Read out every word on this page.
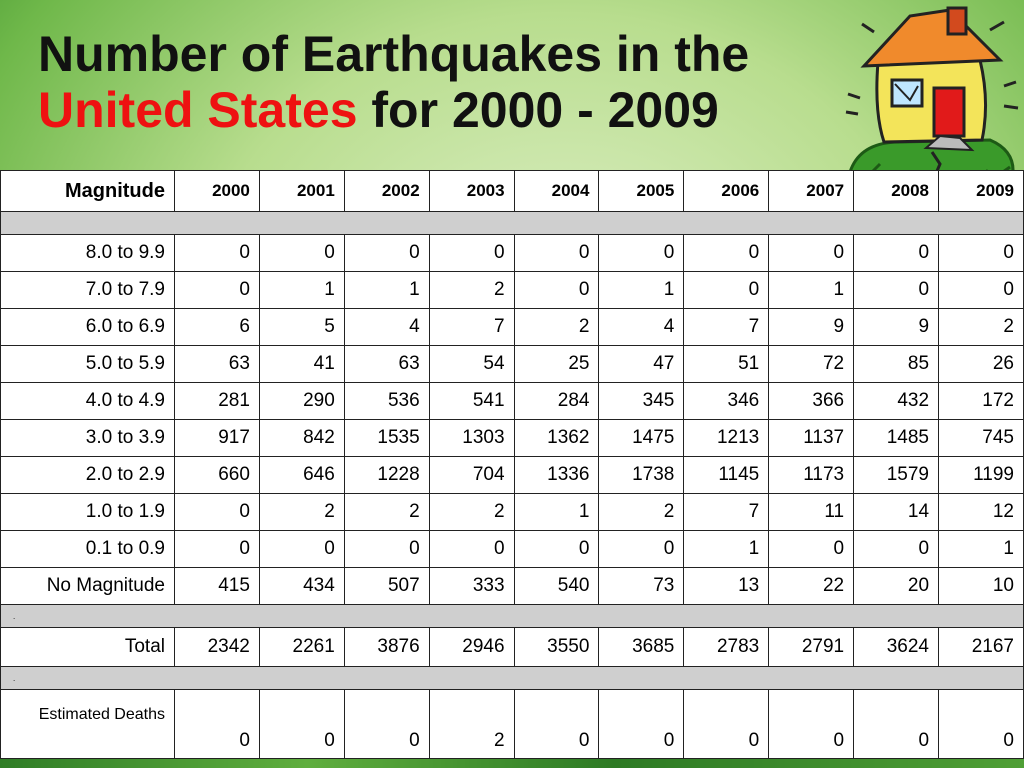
Number of Earthquakes in the
United States for 2000 - 2009
Magnitude	2000	2001	2002	2003	2004	2005	2006	2007	2008	2009

8.0 to 9.9	0	0	0	0	0	0	0	0	0	0
7.0 to 7.9	0	1	1	2	0	1	0	1	0	0
6.0 to 6.9	6	5	4	7	2	4	7	9	9	2
5.0 to 5.9	63	41	63	54	25	47	51	72	85	26
4.0 to 4.9	281	290	536	541	284	345	346	366	432	172
3.0 to 3.9	917	842	1535	1303	1362	1475	1213	1137	1485	745
2.0 to 2.9	660	646	1228	704	1336	1738	1145	1173	1579	1199
1.0 to 1.9	0	2	2	2	1	2	7	11	14	12
0.1 to 0.9	0	0	0	0	0	0	1	0	0	1
No Magnitude	415	434	507	333	540	73	13	22	20	10
.										
Total	2342	2261	3876	2946	3550	3685	2783	2791	3624	2167
.										
Estimated Deaths	0	0	0	2	0	0	0	0	0	0
